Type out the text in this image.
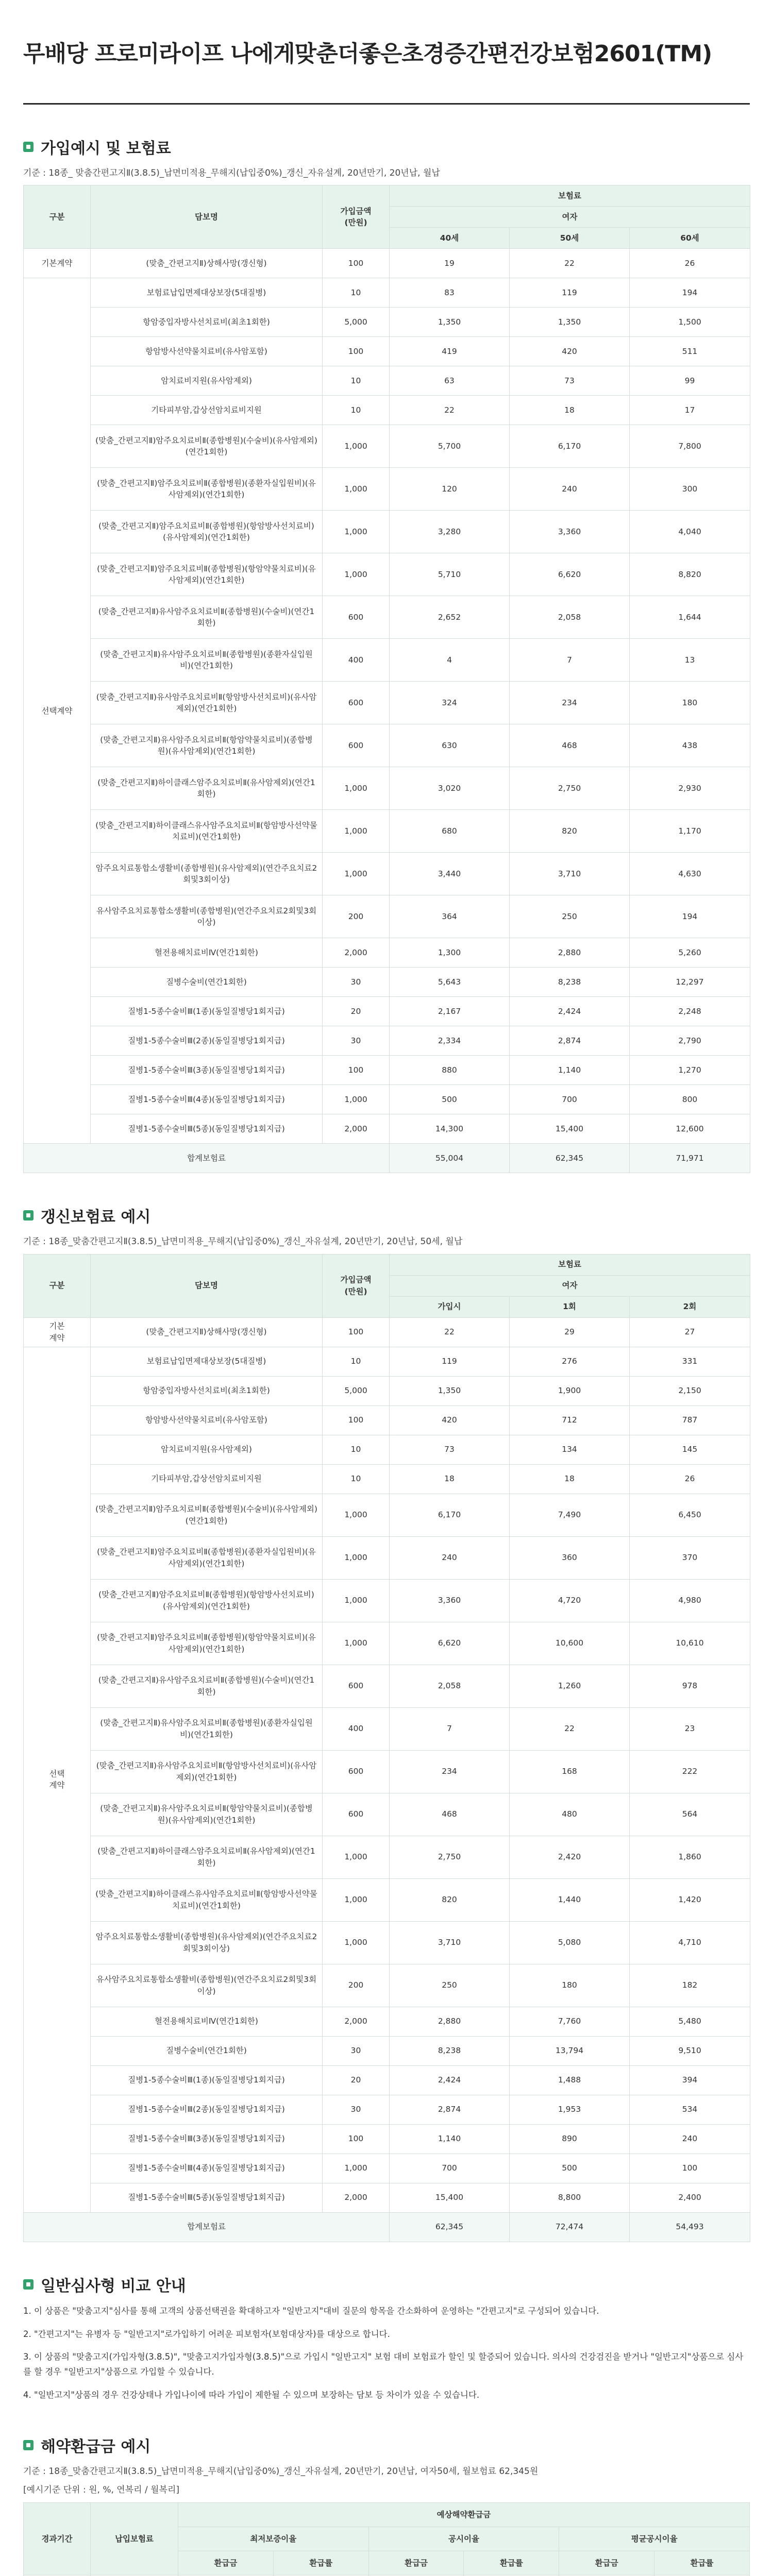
무배당 프로미라이프 나에게맞춘더좋은초경증간편건강보험2601(TM)
가입예시 및 보험료
기준 : 18종_ 맞춤간편고지Ⅱ(3.8.5)_납면미적용_무해지(납입중0%)_갱신_자유설계, 20년만기, 20년납, 월납
구분	담보명	가입금액
(만원)	보험료		
			여자		
			40세	50세	60세
기본계약	(맞춤_간편고지Ⅱ)상해사망(갱신형)	100	19	22	26
선택계약	보험료납입면제대상보장(5대질병)	10	83	119	194
	항암중입자방사선치료비(최초1회한)	5,000	1,350	1,350	1,500
	항암방사선약물치료비(유사암포함)	100	419	420	511
	암치료비지원(유사암제외)	10	63	73	99
	기타피부암,갑상선암치료비지원	10	22	18	17
	(맞춤_간편고지Ⅱ)암주요치료비Ⅱ(종합병원)(수술비)(유사암제외)(연간1회한)	1,000	5,700	6,170	7,800
	(맞춤_간편고지Ⅱ)암주요치료비Ⅱ(종합병원)(종환자실입원비)(유사암제외)(연간1회한)	1,000	120	240	300
	(맞춤_간편고지Ⅱ)암주요치료비Ⅱ(종합병원)(항암방사선치료비)(유사암제외)(연간1회한)	1,000	3,280	3,360	4,040
	(맞춤_간편고지Ⅱ)암주요치료비Ⅱ(종합병원)(항암약물치료비)(유사암제외)(연간1회한)	1,000	5,710	6,620	8,820
	(맞춤_간편고지Ⅱ)유사암주요치료비Ⅱ(종합병원)(수술비)(연간1회한)	600	2,652	2,058	1,644
	(맞춤_간편고지Ⅱ)유사암주요치료비Ⅱ(종합병원)(종환자실입원비)(연간1회한)	400	4	7	13
	(맞춤_간편고지Ⅱ)유사암주요치료비Ⅱ(항암방사선치료비)(유사암제외)(연간1회한)	600	324	234	180
	(맞춤_간편고지Ⅱ)유사암주요치료비Ⅱ(항암약물치료비)(종합병원)(유사암제외)(연간1회한)	600	630	468	438
	(맞춤_간편고지Ⅱ)하이클래스암주요치료비Ⅱ(유사암제외)(연간1회한)	1,000	3,020	2,750	2,930
	(맞춤_간편고지Ⅱ)하이클래스유사암주요치료비Ⅱ(항암방사선약물치료비)(연간1회한)	1,000	680	820	1,170
	암주요치료통합소생활비(종합병원)(유사암제외)(연간주요치료2회및3회이상)	1,000	3,440	3,710	4,630
	유사암주요치료통합소생활비(종합병원)(연간주요치료2회및3회이상)	200	364	250	194
	혈전용해치료비Ⅳ(연간1회한)	2,000	1,300	2,880	5,260
	질병수술비(연간1회한)	30	5,643	8,238	12,297
	질병1-5종수술비Ⅲ(1종)(동일질병당1회지급)	20	2,167	2,424	2,248
	질병1-5종수술비Ⅲ(2종)(동일질병당1회지급)	30	2,334	2,874	2,790
	질병1-5종수술비Ⅲ(3종)(동일질병당1회지급)	100	880	1,140	1,270
	질병1-5종수술비Ⅲ(4종)(동일질병당1회지급)	1,000	500	700	800
	질병1-5종수술비Ⅲ(5종)(동일질병당1회지급)	2,000	14,300	15,400	12,600
합계보험료			55,004	62,345	71,971
갱신보험료 예시
기준 : 18종_맞춤간편고지Ⅱ(3.8.5)_납면미적용_무해지(납입중0%)_갱신_자유설계, 20년만기, 20년납, 50세, 월납
구분	담보명	가입금액
(만원)	보험료		
			여자		
			가입시	1회	2회
기본
계약	(맞춤_간편고지Ⅱ)상해사망(갱신형)	100	22	29	27
선택
계약	보험료납입면제대상보장(5대질병)	10	119	276	331
	항암중입자방사선치료비(최초1회한)	5,000	1,350	1,900	2,150
	항암방사선약물치료비(유사암포함)	100	420	712	787
	암치료비지원(유사암제외)	10	73	134	145
	기타피부암,갑상선암치료비지원	10	18	18	26
	(맞춤_간편고지Ⅱ)암주요치료비Ⅱ(종합병원)(수술비)(유사암제외)(연간1회한)	1,000	6,170	7,490	6,450
	(맞춤_간편고지Ⅱ)암주요치료비Ⅱ(종합병원)(종환자실입원비)(유사암제외)(연간1회한)	1,000	240	360	370
	(맞춤_간편고지Ⅱ)암주요치료비Ⅱ(종합병원)(항암방사선치료비)(유사암제외)(연간1회한)	1,000	3,360	4,720	4,980
	(맞춤_간편고지Ⅱ)암주요치료비Ⅱ(종합병원)(항암약물치료비)(유사암제외)(연간1회한)	1,000	6,620	10,600	10,610
	(맞춤_간편고지Ⅱ)유사암주요치료비Ⅱ(종합병원)(수술비)(연간1회한)	600	2,058	1,260	978
	(맞춤_간편고지Ⅱ)유사암주요치료비Ⅱ(종합병원)(종환자실입원비)(연간1회한)	400	7	22	23
	(맞춤_간편고지Ⅱ)유사암주요치료비Ⅱ(항암방사선치료비)(유사암제외)(연간1회한)	600	234	168	222
	(맞춤_간편고지Ⅱ)유사암주요치료비Ⅱ(항암약물치료비)(종합병원)(유사암제외)(연간1회한)	600	468	480	564
	(맞춤_간편고지Ⅱ)하이클래스암주요치료비Ⅱ(유사암제외)(연간1회한)	1,000	2,750	2,420	1,860
	(맞춤_간편고지Ⅱ)하이클래스유사암주요치료비Ⅱ(항암방사선약물치료비)(연간1회한)	1,000	820	1,440	1,420
	암주요치료통합소생활비(종합병원)(유사암제외)(연간주요치료2회및3회이상)	1,000	3,710	5,080	4,710
	유사암주요치료통합소생활비(종합병원)(연간주요치료2회및3회이상)	200	250	180	182
	혈전용해치료비Ⅳ(연간1회한)	2,000	2,880	7,760	5,480
	질병수술비(연간1회한)	30	8,238	13,794	9,510
	질병1-5종수술비Ⅲ(1종)(동일질병당1회지급)	20	2,424	1,488	394
	질병1-5종수술비Ⅲ(2종)(동일질병당1회지급)	30	2,874	1,953	534
	질병1-5종수술비Ⅲ(3종)(동일질병당1회지급)	100	1,140	890	240
	질병1-5종수술비Ⅲ(4종)(동일질병당1회지급)	1,000	700	500	100
	질병1-5종수술비Ⅲ(5종)(동일질병당1회지급)	2,000	15,400	8,800	2,400
합계보험료			62,345	72,474	54,493
일반심사형 비교 안내

1. 이 상품은 "맞춤고지"심사를 통해 고객의 상품선택권을 확대하고자 "일반고지"대비 질문의 항목을 간소화하여 운영하는 "간편고지"로 구성되어 있습니다.

2. "간편고지"는 유병자 등 "일반고지"로가입하기 어려운 피보험자(보험대상자)를 대상으로 합니다.

3. 이 상품의 "맞춤고지(가입자형(3.8.5)", "맞춤고지가입자형(3.8.5)"으로 가입시 "일반고지" 보험 대비 보험료가 할인 및 할증되어 있습니다. 의사의 건강검진을 받거나 "일반고지"상품으로 심사를 할 경우 "일반고지"상품으로 가입할 수 있습니다.

4. "일반고지"상품의 경우 건강상태나 가입나이에 따라 가입이 제한될 수 있으며 보장하는 담보 등 차이가 있을 수 있습니다.

해약환급금 예시
기준 : 18종_맞춤간편고지Ⅱ(3.8.5)_납면미적용_무해지(납입중0%)_갱신_자유설계, 20년만기, 20년납, 여자50세, 월보험료 62,345원
[예시기준 단위 : 원, %, 연복리 / 월복리]
경과기간	납입보험료	예상해약환급금					
		최저보증이율		공시이율		평균공시이율	
		환급금	환급률	환급금	환급률	환급금	환급률
